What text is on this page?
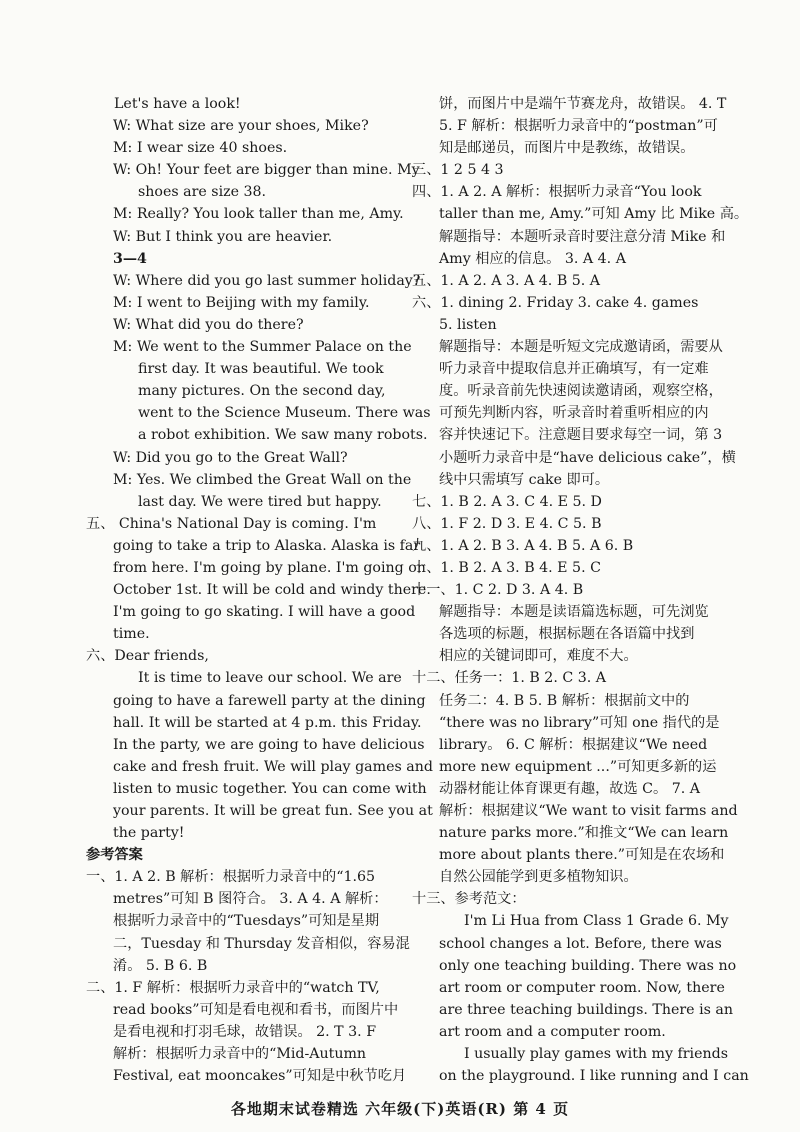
Let's have a look!
W: What size are your shoes, Mike?
M: I wear size 40 shoes.
W: Oh! Your feet are bigger than mine. My
shoes are size 38.
M: Really? You look taller than me, Amy.
W: But I think you are heavier.
3—4
W: Where did you go last summer holiday?
M: I went to Beijing with my family.
W: What did you do there?
M: We went to the Summer Palace on the
first day. It was beautiful. We took
many pictures. On the second day,
went to the Science Museum. There was
a robot exhibition. We saw many robots.
W: Did you go to the Great Wall?
M: Yes. We climbed the Great Wall on the
last day. We were tired but happy.
五、 China's National Day is coming. I'm
going to take a trip to Alaska. Alaska is far
from here. I'm going by plane. I'm going on
October 1st. It will be cold and windy there.
I'm going to go skating. I will have a good
time.
六、Dear friends,
It is time to leave our school. We are
going to have a farewell party at the dining
hall. It will be started at 4 p.m. this Friday.
In the party, we are going to have delicious
cake and fresh fruit. We will play games and
listen to music together. You can come with
your parents. It will be great fun. See you at
the party!
参考答案
一、1. A 2. B 解析：根据听力录音中的“1.65
metres”可知 B 图符合。 3. A 4. A 解析：
根据听力录音中的“Tuesdays”可知是星期
二，Tuesday 和 Thursday 发音相似，容易混
淆。 5. B 6. B
二、1. F 解析：根据听力录音中的“watch TV,
read books”可知是看电视和看书，而图片中
是看电视和打羽毛球，故错误。 2. T 3. F
解析：根据听力录音中的“Mid-Autumn
Festival, eat mooncakes”可知是中秋节吃月
饼，而图片中是端午节赛龙舟，故错误。 4. T
5. F 解析：根据听力录音中的“postman”可
知是邮递员，而图片中是教练，故错误。
三、1 2 5 4 3
四、1. A 2. A 解析：根据听力录音“You look
taller than me, Amy.”可知 Amy 比 Mike 高。
解题指导：本题听录音时要注意分清 Mike 和
Amy 相应的信息。 3. A 4. A
五、1. A 2. A 3. A 4. B 5. A
六、1. dining 2. Friday 3. cake 4. games
5. listen
解题指导：本题是听短文完成邀请函，需要从
听力录音中提取信息并正确填写，有一定难
度。听录音前先快速阅读邀请函，观察空格，
可预先判断内容，听录音时着重听相应的内
容并快速记下。注意题目要求每空一词，第 3
小题听力录音中是“have delicious cake”，横
线中只需填写 cake 即可。
七、1. B 2. A 3. C 4. E 5. D
八、1. F 2. D 3. E 4. C 5. B
九、1. A 2. B 3. A 4. B 5. A 6. B
十、1. B 2. A 3. B 4. E 5. C
十一、1. C 2. D 3. A 4. B
解题指导：本题是读语篇选标题，可先浏览
各选项的标题，根据标题在各语篇中找到
相应的关键词即可，难度不大。
十二、任务一：1. B 2. C 3. A
任务二：4. B 5. B 解析：根据前文中的
“there was no library”可知 one 指代的是
library。 6. C 解析：根据建议“We need
more new equipment ...”可知更多新的运
动器材能让体育课更有趣，故选 C。 7. A
解析：根据建议“We want to visit farms and
nature parks more.”和推文“We can learn
more about plants there.”可知是在农场和
自然公园能学到更多植物知识。
十三、参考范文：
I'm Li Hua from Class 1 Grade 6. My
school changes a lot. Before, there was
only one teaching building. There was no
art room or computer room. Now, there
are three teaching buildings. There is an
art room and a computer room.
I usually play games with my friends
on the playground. I like running and I can
各地期末试卷精选 六年级(下)英语(R) 第 4 页
